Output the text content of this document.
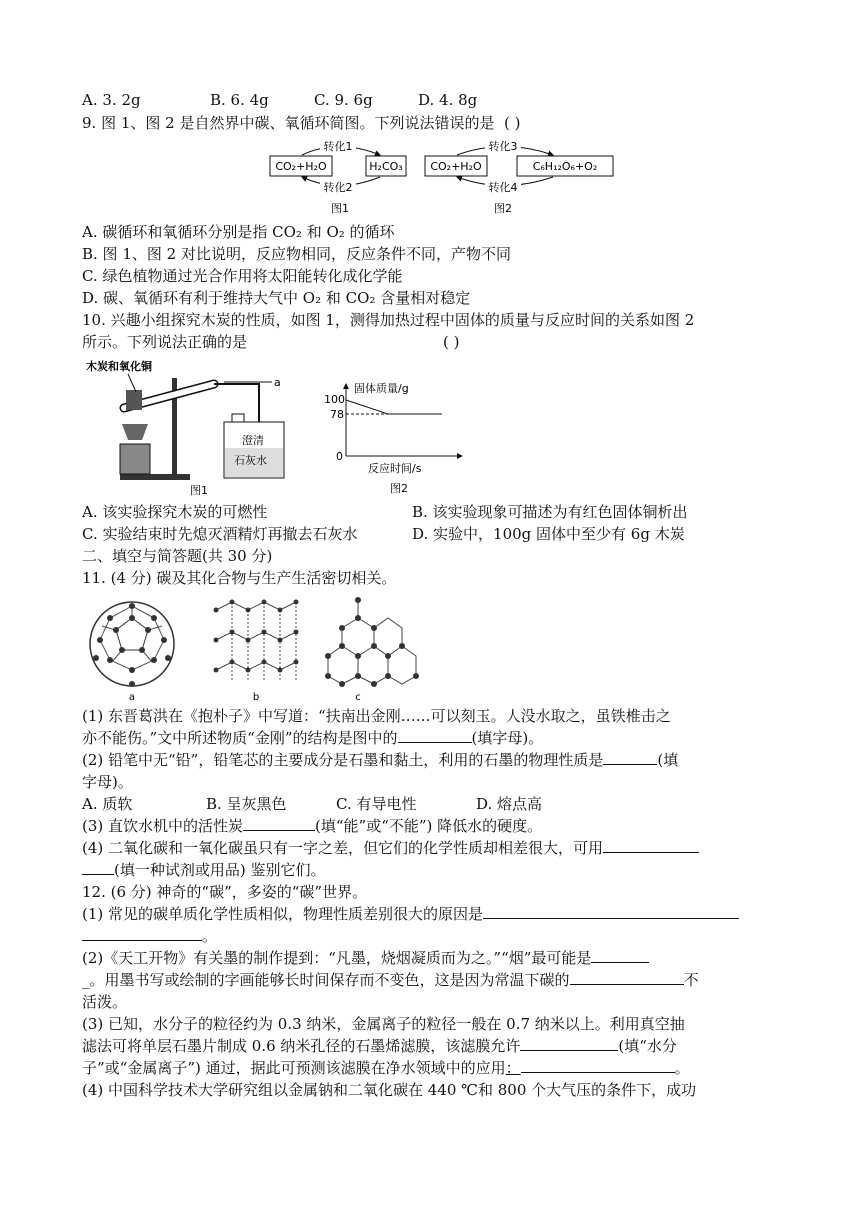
A. 3. 2g	B. 6. 4g	C. 9. 6g	D. 4. 8g
9. 图 1、图 2 是自然界中碳、氧循环简图。下列说法错误的是 ( )
CO₂+H₂O	H₂CO₃
转化1
转化2
图1
CO₂+H₂O	C₆H₁₂O₆+O₂
转化3
转化4
图2
A. 碳循环和氧循环分别是指 CO₂ 和 O₂ 的循环
B. 图 1、图 2 对比说明，反应物相同，反应条件不同，产物不同
C. 绿色植物通过光合作用将太阳能转化成化学能
D. 碳、氧循环有利于维持大气中 O₂ 和 CO₂ 含量相对稳定
10. 兴趣小组探究木炭的性质，如图 1，测得加热过程中固体的质量与反应时间的关系如图 2
所示。下列说法正确的是	( )
木炭和氧化铜
a
澄清
石灰水
图1
固体质量/g
100
78
0
反应时间/s
图2
A. 该实验探究木炭的可燃性	B. 该实验现象可描述为有红色固体铜析出
C. 实验结束时先熄灭酒精灯再撤去石灰水	D. 实验中，100g 固体中至少有 6g 木炭
二、填空与简答题(共 30 分)
11. (4 分) 碳及其化合物与生产生活密切相关。
a	b	c
(1) 东晋葛洪在《抱朴子》中写道：“扶南出金刚……可以刻玉。人没水取之，虽铁椎击之
亦不能伤。”文中所述物质“金刚”的结构是图中的	(填字母)。
(2) 铅笔中无“铅”，铅笔芯的主要成分是石墨和黏土，利用的石墨的物理性质是	(填
字母)。
A. 质软	B. 呈灰黑色	C. 有导电性	D. 熔点高
(3) 直饮水机中的活性炭	(填“能”或“不能”) 降低水的硬度。
(4) 二氧化碳和一氧化碳虽只有一字之差，但它们的化学性质却相差很大，可用
(填一种试剂或用品) 鉴别它们。
12. (6 分) 神奇的“碳”，多姿的“碳”世界。
(1) 常见的碳单质化学性质相似，物理性质差别很大的原因是
。
(2)《天工开物》有关墨的制作提到：“凡墨，烧烟凝质而为之。”“烟”最可能是
_。用墨书写或绘制的字画能够长时间保存而不变色，这是因为常温下碳的	不
活泼。
(3) 已知，水分子的粒径约为 0.3 纳米，金属离子的粒径一般在 0.7 纳米以上。利用真空抽
滤法可将单层石墨片制成 0.6 纳米孔径的石墨烯滤膜，该滤膜允许	(填“水分
子”或“金属离子”) 通过，据此可预测该滤膜在净水领域中的应用：	。
(4) 中国科学技术大学研究组以金属钠和二氧化碳在 440 ℃和 800 个大气压的条件下，成功
